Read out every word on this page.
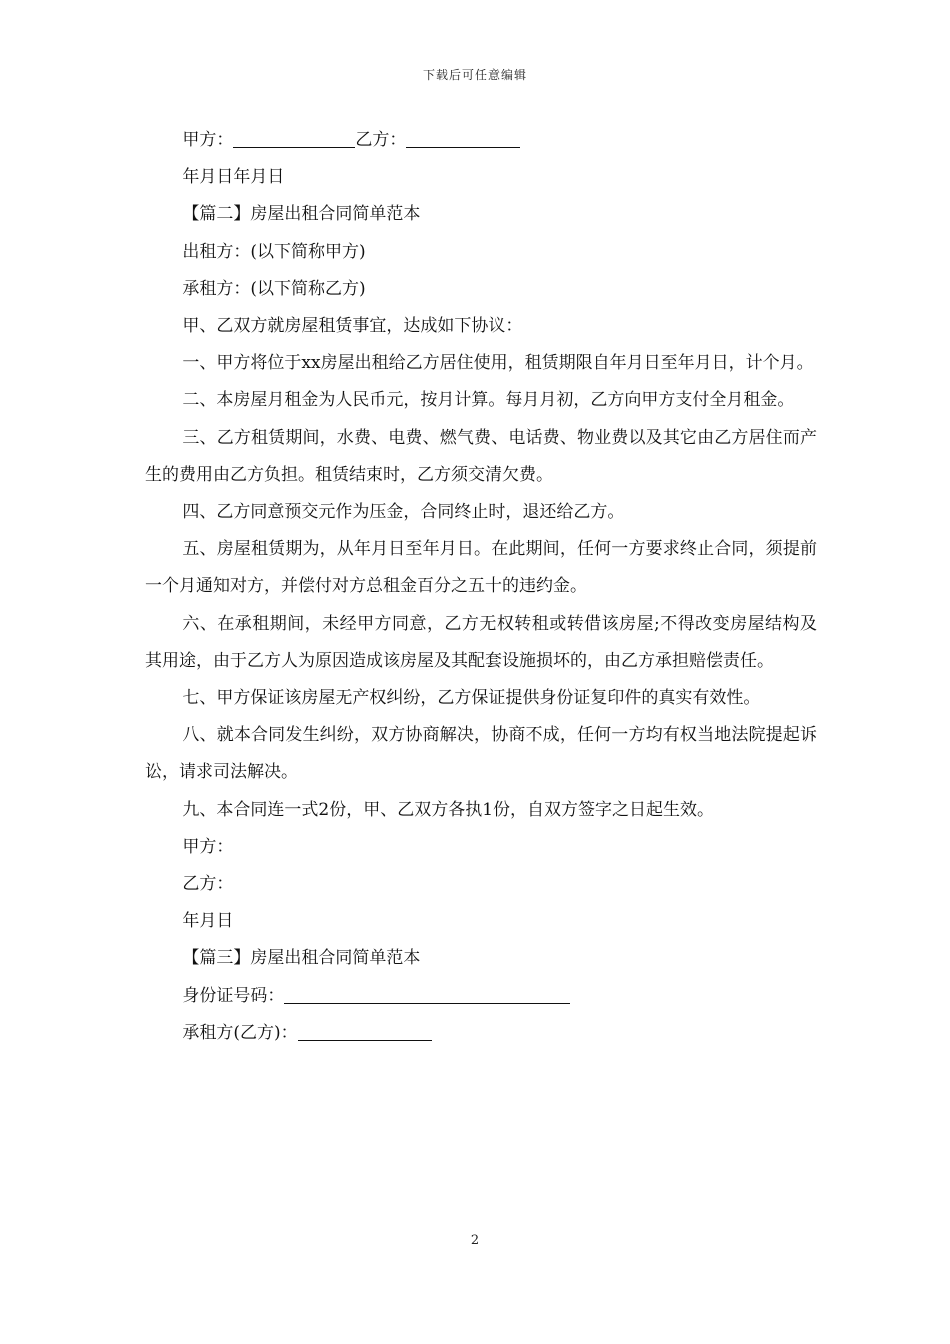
下载后可任意编辑

甲方：	乙方：

年月日年月日

【篇二】房屋出租合同简单范本

出租方：(以下简称甲方)

承租方：(以下简称乙方)

甲、乙双方就房屋租赁事宜，达成如下协议：

一、甲方将位于xx房屋出租给乙方居住使用，租赁期限自年月日至年月日，计个月。

二、本房屋月租金为人民币元，按月计算。每月月初，乙方向甲方支付全月租金。

三、乙方租赁期间，水费、电费、燃气费、电话费、物业费以及其它由乙方居住而产生的费用由乙方负担。租赁结束时，乙方须交清欠费。

四、乙方同意预交元作为压金，合同终止时，退还给乙方。

五、房屋租赁期为，从年月日至年月日。在此期间，任何一方要求终止合同，须提前一个月通知对方，并偿付对方总租金百分之五十的违约金。

六、在承租期间，未经甲方同意，乙方无权转租或转借该房屋;不得改变房屋结构及其用途，由于乙方人为原因造成该房屋及其配套设施损坏的，由乙方承担赔偿责任。

七、甲方保证该房屋无产权纠纷，乙方保证提供身份证复印件的真实有效性。

八、就本合同发生纠纷，双方协商解决，协商不成，任何一方均有权当地法院提起诉讼，请求司法解决。

九、本合同连一式2份，甲、乙双方各执1份，自双方签字之日起生效。

甲方：

乙方：

年月日

【篇三】房屋出租合同简单范本

身份证号码：

承租方(乙方)：

2
